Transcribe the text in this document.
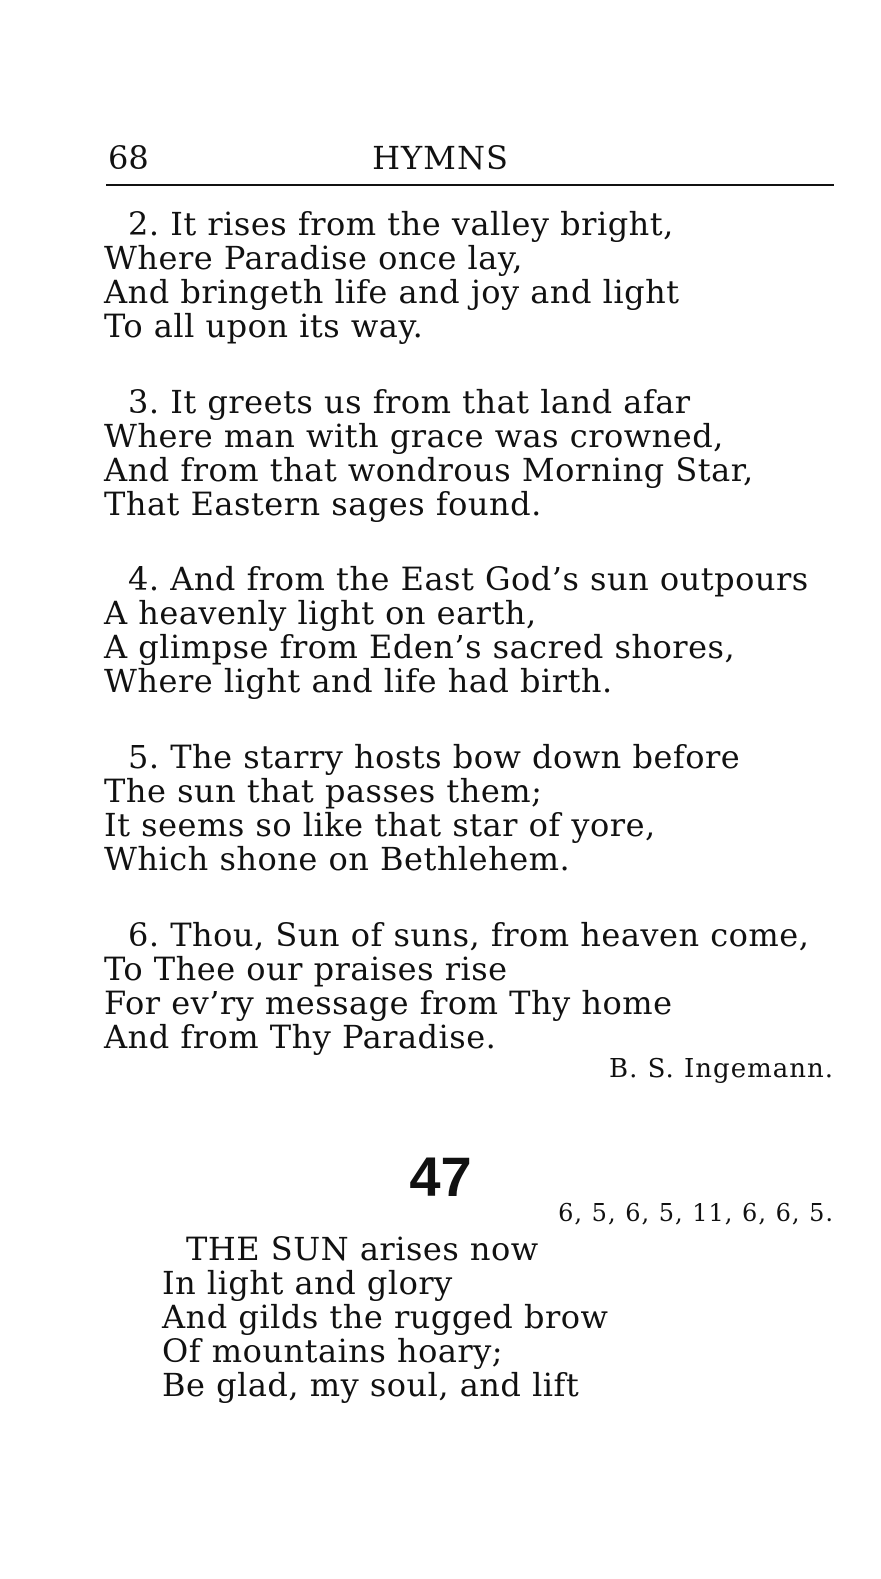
68	HYMNS
2. It rises from the valley bright,
Where Paradise once lay,
And bringeth life and joy and light
To all upon its way.
3. It greets us from that land afar
Where man with grace was crowned,
And from that wondrous Morning Star,
That Eastern sages found.
4. And from the East God’s sun outpours
A heavenly light on earth,
A glimpse from Eden’s sacred shores,
Where light and life had birth.
5. The starry hosts bow down before
The sun that passes them;
It seems so like that star of yore,
Which shone on Bethlehem.
6. Thou, Sun of suns, from heaven come,
To Thee our praises rise
For ev’ry message from Thy home
And from Thy Paradise.
B. S. Ingemann.
47
6, 5, 6, 5, 11, 6, 6, 5.
THE SUN arises now
In light and glory
And gilds the rugged brow
Of mountains hoary;
Be glad, my soul, and lift
